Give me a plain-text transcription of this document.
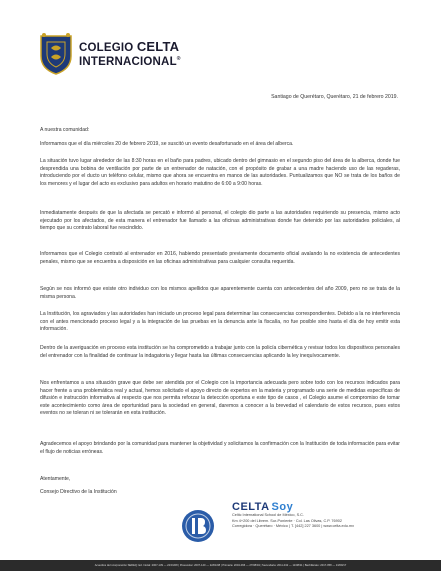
COLEGIO CELTA
INTERNACIONAL®
Santiago de Querétaro, Querétaro, 21 de febrero 2019.
A nuestra comunidad:
Informamos que el día miércoles 20 de febrero 2019, se suscitó un evento desafortunado en el área del alberca.
La situación tuvo lugar alrededor de las 8:30 horas en el baño para padres, ubicado dentro del gimnasio en el segundo piso del área de la alberca, donde fue desprendida una bobina de ventilación por parte de un entrenador de natación, con el propósito de grabar a una madre haciendo uso de las regaderas, introduciendo por el ducto un teléfono celular, mismo que ahora se encuentra en manos de las autoridades. Puntualizamos que NO se trata de los baños de los menores y el lugar del acto es exclusivo para adultos en horario matutino de 6:00 a 9:00 horas.
Inmediatamente después de que la afectada se percató e informó al personal, el colegio dio parte a las autoridades requiriendo su presencia, mismo acto ejecutado por los afectados, de esta manera el entrenador fue llamado a las oficinas administrativas donde fue detenido por las autoridades policiales, al tiempo que su contrato laboral fue rescindido.
Informamos que el Colegio contrató al entrenador en 2016, habiendo presentado previamente documento oficial avalando la no existencia de antecedentes penales, mismo que se encuentra a disposición en las oficinas administrativas para cualquier consulta requerida.
Según se nos informó que existe otro individuo con los mismos apellidos que aparentemente cuenta con antecedentes del año 2009, pero no se trata de la misma persona.
La Institución, los agraviados y las autoridades han iniciado un proceso legal para determinar las consecuencias correspondientes. Debido a la no interferencia con el antes mencionado proceso legal y a la integración de las pruebas en la denuncia ante la fiscalía, no fue posible sino hasta el día de hoy emitir esta información.
Dentro de la averiguación en proceso esta institución se ha comprometido a trabajar junto con la policía cibernética y revisar todos los dispositivos personales del entrenador con la finalidad de continuar la indagatoria y llegar hasta las últimas consecuencias aplicando la ley inequívocamente.
Nos enfrentamos a una situación grave que debe ser atendida por el Colegio con la importancia adecuada pero sobre todo con los recursos indicados para hacer frente a una problemática real y actual, hemos solicitado el apoyo directo de expertos en la materia y programado una serie de medidas específicas de difusión e instrucción informativa al respecto que nos permita reforzar la detección oportuna e este tipo de casos , el Colegio asume el compromiso de tomar este acontecimiento como área de oportunidad para la sociedad en general, daremos a conocer a la brevedad el calendario de estos recursos, pues estos eventos no se toleran ni se tolerarán en esta institución.
Agradecemos el apoyo brindando por la comunidad para mantener la objetividad y solicitamos la confirmación con la Institución de toda información para evitar el flujo de noticias erróneas.
Atentamente,
Consejo Directivo de la Institución
CELTA Soy
Celtic International School de México, S.C.
Km 4+200 del Librem. Sur-Poniente · Col. Las Olivas, C.P. 76902
Corregidora · Querétaro · México | T. [442] 227 3600 | www.celta.edu.mx
Acuerdos de Incorporación SEDEQ: Ed. Inicial: 2007-139 — 22/01/08 | Preescolar: 2007-140 — 22/01/08 | Primaria: 2004-096 — 27/08/04 | Secundaria: 2011-042 — 11/08/11 | Bachillerato: 2017-058 — 13/09/17
